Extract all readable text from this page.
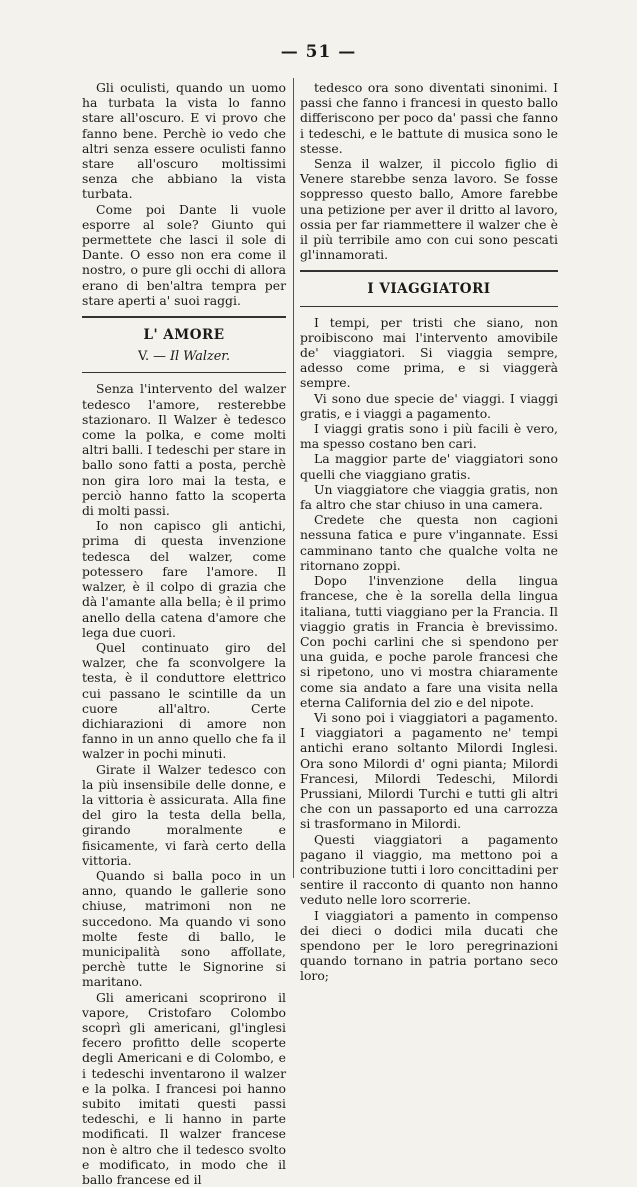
— 51 —

Gli oculisti, quando un uomo ha turbata la vista lo fanno stare all'oscuro. E vi provo che fanno bene. Perchè io vedo che altri senza essere oculisti fanno stare all'oscuro moltissimi senza che abbiano la vista turbata.

Come poi Dante li vuole esporre al sole? Giunto qui permettete che lasci il sole di Dante. O esso non era come il nostro, o pure gli occhi di allora erano di ben'altra tempra per stare aperti a' suoi raggi.

L' AMORE
V. — Il Walzer.

Senza l'intervento del walzer tedesco l'amore, resterebbe stazionaro. Il Walzer è tedesco come la polka, e come molti altri balli. I tedeschi per stare in ballo sono fatti a posta, perchè non gira loro mai la testa, e perciò hanno fatto la scoperta di molti passi.

Io non capisco gli antichi, prima di questa invenzione tedesca del walzer, come potessero fare l'amore. Il walzer, è il colpo di grazia che dà l'amante alla bella; è il primo anello della catena d'amore che lega due cuori.

Quel continuato giro del walzer, che fa sconvolgere la testa, è il conduttore elettrico cui passano le scintille da un cuore all'altro. Certe dichiarazioni di amore non fanno in un anno quello che fa il walzer in pochi minuti.

Girate il Walzer tedesco con la più insensibile delle donne, e la vittoria è assicurata. Alla fine del giro la testa della bella, girando moralmente e fisicamente, vi farà certo della vittoria.

Quando si balla poco in un anno, quando le gallerie sono chiuse, matrimoni non ne succedono. Ma quando vi sono molte feste di ballo, le municipalità sono affollate, perchè tutte le Signorine si maritano.

Gli americani scoprirono il vapore, Cristofaro Colombo scoprì gli americani, gl'inglesi fecero profitto delle scoperte degli Americani e di Colombo, e i tedeschi inventarono il walzer e la polka. I francesi poi hanno subito imitati questi passi tedeschi, e li hanno in parte modificati. Il walzer francese non è altro che il tedesco svolto e modificato, in modo che il ballo francese ed il

tedesco ora sono diventati sinonimi. I passi che fanno i francesi in questo ballo differiscono per poco da' passi che fanno i tedeschi, e le battute di musica sono le stesse.

Senza il walzer, il piccolo figlio di Venere starebbe senza lavoro. Se fosse soppresso questo ballo, Amore farebbe una petizione per aver il dritto al lavoro, ossia per far riammettere il walzer che è il più terribile amo con cui sono pescati gl'innamorati.

I VIAGGIATORI

I tempi, per tristi che siano, non proibiscono mai l'intervento amovibile de' viaggiatori. Si viaggia sempre, adesso come prima, e si viaggerà sempre.

Vi sono due specie de' viaggi. I viaggi gratis, e i viaggi a pagamento.

I viaggi gratis sono i più facili è vero, ma spesso costano ben cari.

La maggior parte de' viaggiatori sono quelli che viaggiano gratis.

Un viaggiatore che viaggia gratis, non fa altro che star chiuso in una camera.

Credete che questa non cagioni nessuna fatica e pure v'ingannate. Essi camminano tanto che qualche volta ne ritornano zoppi.

Dopo l'invenzione della lingua francese, che è la sorella della lingua italiana, tutti viaggiano per la Francia. Il viaggio gratis in Francia è brevissimo. Con pochi carlini che si spendono per una guida, e poche parole francesi che si ripetono, uno vi mostra chiaramente come sia andato a fare una visita nella eterna California del zio e del nipote.

Vi sono poi i viaggiatori a pagamento. I viaggiatori a pagamento ne' tempi antichi erano soltanto Milordi Inglesi. Ora sono Milordi d' ogni pianta; Milordi Francesi, Milordi Tedeschi, Milordi Prussiani, Milordi Turchi e tutti gli altri che con un passaporto ed una carrozza si trasformano in Milordi.

Questi viaggiatori a pagamento pagano il viaggio, ma mettono poi a contribuzione tutti i loro concittadini per sentire il racconto di quanto non hanno veduto nelle loro scorrerie.

I viaggiatori a pamento in compenso dei dieci o dodici mila ducati che spendono per le loro peregrinazioni quando tornano in patria portano seco loro;
